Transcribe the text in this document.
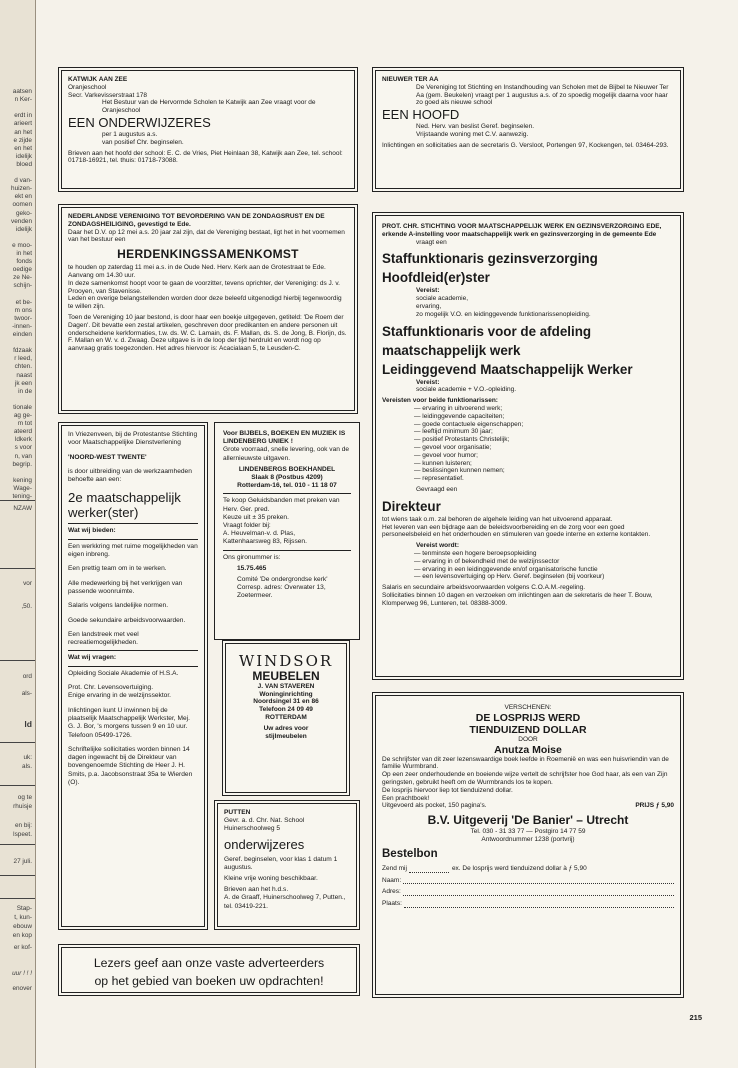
aatsen
n Ker-
erdt in
arieert
an het
e zijde
en het
idelijk
bloed
d van-
huizen-
ekt en
oomen
geko-
venden
idelijk
e moo-
in het
fonds
oedige
ze Ne-
schijn-
et be-
m ons
twoor-
-innen-
einden
fdzaak
r leed,
chten.
naast
jk een
in de
tionale
ag ge-
m tot
ateerd
ldkerk
s voor
n, van
begrip.
kening
Wage-
tening-
NZAW
vor
,50.
ord
als-
ld
uk:
als.
og te
rhuisje
en bij:
lspeet.
27 juli.
Stap-
t, kun-
ebouw
en kop
er kof-
uur ! ! !
enover
KATWIJK AAN ZEE
Oranjeschool
Secr. Varkevisserstraat 178
Het Bestuur van de Hervormde Scholen te Katwijk aan Zee vraagt voor de Oranjeschool
EEN ONDERWIJZERES
per 1 augustus a.s.
van positief Chr. beginselen.
Brieven aan het hoofd der school: E. C. de Vries, Piet Heinlaan 38, Katwijk aan Zee, tel. school: 01718-16921, tel. thuis: 01718-73088.
NIEUWER TER AA
De Vereniging tot Stichting en Instandhouding van Scholen met de Bijbel te Nieuwer Ter Aa (gem. Beukelen) vraagt per 1 augustus a.s. of zo spoedig mogelijk daarna voor haar zo goed als nieuwe school
EEN HOOFD
Ned. Herv. van beslist Geref. beginselen.
Vrijstaande woning met C.V. aanwezig.
Inlichtingen en sollicitaties aan de secretaris G. Versloot, Portengen 97, Kockengen, tel. 03464-293.
NEDERLANDSE VERENIGING TOT BEVORDERING VAN DE ZONDAGSRUST EN DE ZONDAGSHEILIGING, gevestigd te Ede.
Daar het D.V. op 12 mei a.s. 20 jaar zal zijn, dat de Vereniging bestaat, ligt het in het voornemen van het bestuur een
HERDENKINGSSAMENKOMST
te houden op zaterdag 11 mei a.s. in de Oude Ned. Herv. Kerk aan de Grotestraat te Ede. Aanvang om 14.30 uur.
In deze samenkomst hoopt voor te gaan de voorzitter, tevens oprichter, der Vereniging: ds J. v. Prooyen, van Stavenisse.
Leden en overige belangstellenden worden door deze beleefd uitgenodigd hierbij tegenwoordig te willen zijn.
Toen de Vereniging 10 jaar bestond, is door haar een boekje uitgegeven, getiteld: 'De Roem der Dagen'. Dit bevatte een zestal artikelen, geschreven door predikanten en andere personen uit onderscheidene kerkformaties, t.w. ds. W. C. Lamain, ds. F. Mallan, ds. S. de Jong, B. Florijn, ds. F. Mallan en W. v. d. Zwaag. Deze uitgave is in de loop der tijd herdrukt en wordt nog op aanvraag gratis toegezonden. Het adres hiervoor is: Acacialaan 5, te Leusden-C.
PROT. CHR. STICHTING VOOR MAATSCHAPPELIJK WERK EN GEZINSVERZORGING EDE, erkende A-instelling voor maatschappelijk werk en gezinsverzorging in de gemeente Ede
vraagt een
Staffunktionaris gezinsverzorging
Hoofdleid(er)ster
Vereist:
sociale academie,
ervaring,
zo mogelijk V.O. en leidinggevende funktionarissenopleiding.
Staffunktionaris voor de afdeling
maatschappelijk werk
Leidinggevend Maatschappelijk Werker
Vereist:
sociale academie + V.O.-opleiding.
Vereisten voor beide funktionarissen:
— ervaring in uitvoerend werk;
— leidinggevende capaciteiten;
— goede contactuele eigenschappen;
— leeftijd minimum 30 jaar;
— positief Protestants Christelijk;
— gevoel voor organisatie;
— gevoel voor humor;
— kunnen luisteren;
— beslissingen kunnen nemen;
— representatief.
Gevraagd een
Direkteur
tot wiens taak o.m. zal behoren de algehele leiding van het uitvoerend apparaat.
Het leveren van een bijdrage aan de beleidsvoorbereiding en de zorg voor een goed personeelsbeleid en het onderhouden en stimuleren van goede interne en externe kontakten.
Vereist wordt:
— tenminste een hogere beroepsopleiding
— ervaring in of bekendheid met de welzijnssector
— ervaring in een leidinggevende en/of organisatorische functie
— een levensovertuiging op Herv. Geref. beginselen (bij voorkeur)
Salaris en secundaire arbeidsvoorwaarden volgens C.O.A.M.-regeling.
Sollicitaties binnen 10 dagen en verzoeken om inlichtingen aan de sekretaris de heer T. Bouw, Klomperweg 96, Lunteren, tel. 08388-3009.
In Vriezenveen, bij de Protestantse Stichting voor Maatschappelijke Dienstverlening
'NOORD-WEST TWENTE'
is door uitbreiding van de werkzaamheden behoefte aan een:
2e maatschappelijk werker(ster)
Wat wij bieden:
Een werkkring met ruime mogelijkheden van eigen inbreng.
Een prettig team om in te werken.
Alle medewerking bij het verkrijgen van passende woonruimte.
Salaris volgens landelijke normen.
Goede sekundaire arbeidsvoorwaarden.
Een landstreek met veel recreatiemogelijkheden.
Wat wij vragen:
Opleiding Sociale Akademie of H.S.A.
Prot. Chr. Levensovertuiging.
Enige ervaring in de welzijnssektor.
Inlichtingen kunt U inwinnen bij de plaatselijk Maatschappelijk Werkster, Mej. G. J. Bor, 's morgens tussen 9 en 10 uur. Telefoon 05499-1726.
Schriftelijke sollicitaties worden binnen 14 dagen ingewacht bij de Direkteur van bovengenoemde Stichting de Heer J. H. Smits, p.a. Jacobsonstraat 35a te Wierden (O).
Voor BIJBELS, BOEKEN EN MUZIEK IS LINDENBERG UNIEK !
Grote voorraad, snelle levering, ook van de allernieuwste uitgaven.
LINDENBERGS BOEKHANDEL
Slaak 8 (Postbus 4209)
Rotterdam-16, tel. 010 - 11 18 07
Te koop Geluidsbanden met preken van Herv. Ger. pred.
Keuze uit ± 35 preken.
Vraagt folder bij:
A. Heuvelman-v. d. Plas,
Kattenhaarsweg 83, Rijssen.
Ons gironummer is:
15.75.465
Comité 'De ondergrondse kerk'
Corresp. adres: Overwater 13, Zoetermeer.
WINDSOR
MEUBELEN
J. VAN STAVEREN
Woninginrichting
Noordsingel 31 en 86
Telefoon 24 09 49
ROTTERDAM
Uw adres voor
stijlmeubelen
PUTTEN
Gevr. a. d. Chr. Nat. School Huinerschoolweg 5
onderwijzeres
Geref. beginselen, voor klas 1 datum 1 augustus.
Kleine vrije woning beschikbaar.
Brieven aan het h.d.s.
A. de Graaff, Huinerschoolweg 7, Putten., tel. 03419-221.
Lezers geef aan onze vaste adverteerders
op het gebied van boeken uw opdrachten!
VERSCHENEN:
DE LOSPRIJS WERD
TIENDUIZEND DOLLAR
DOOR
Anutza Moise
De schrijfster van dit zeer lezenswaardige boek leefde in Roemenië en was een huisvriendin van de familie Wurmbrand.
Op een zeer onderhoudende en boeiende wijze vertelt de schrijfster hoe God haar, als een van Zijn geringsten, gebruikt heeft om de Wurmbrands los te kopen.
De losprijs hiervoor liep tot tienduizend dollar.
Een prachtboek!
Uitgevoerd als pocket, 150 pagina's.	PRIJS ƒ 5,90
B.V. Uitgeverij 'De Banier' – Utrecht
Tel. 030 - 31 33 77 — Postgiro 14 77 59
Antwoordnummer 1238 (portvrij)
Bestelbon
Zend mij	ex. De losprijs werd tienduizend dollar à ƒ 5,90
Naam:
Adres:
Plaats:
215
